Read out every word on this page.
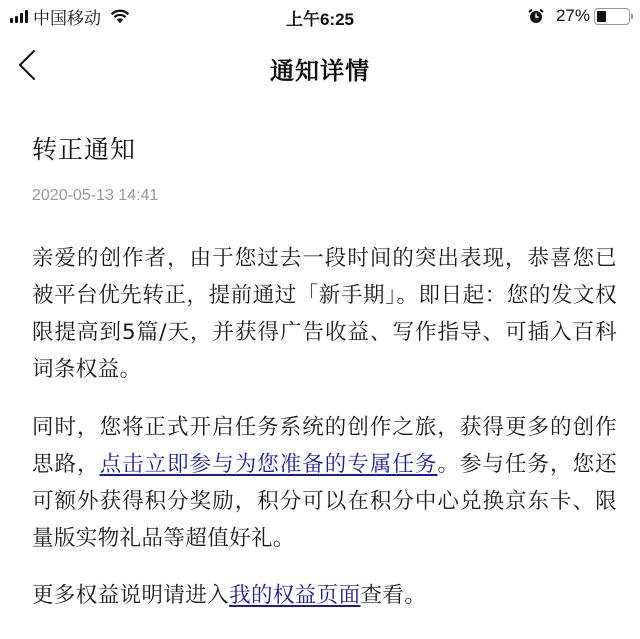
中国移动	上午6:25	27%
通知详情
转正通知
2020-05-13 14:41

亲爱的创作者，由于您过去一段时间的突出表现，恭喜您已被平台优先转正，提前通过「新手期」。即日起：您的发文权限提高到5篇/天，并获得广告收益、写作指导、可插入百科词条权益。

同时，您将正式开启任务系统的创作之旅，获得更多的创作思路，点击立即参与为您准备的专属任务。参与任务，您还可额外获得积分奖励，积分可以在积分中心兑换京东卡、限量版实物礼品等超值好礼。

更多权益说明请进入我的权益页面查看。
